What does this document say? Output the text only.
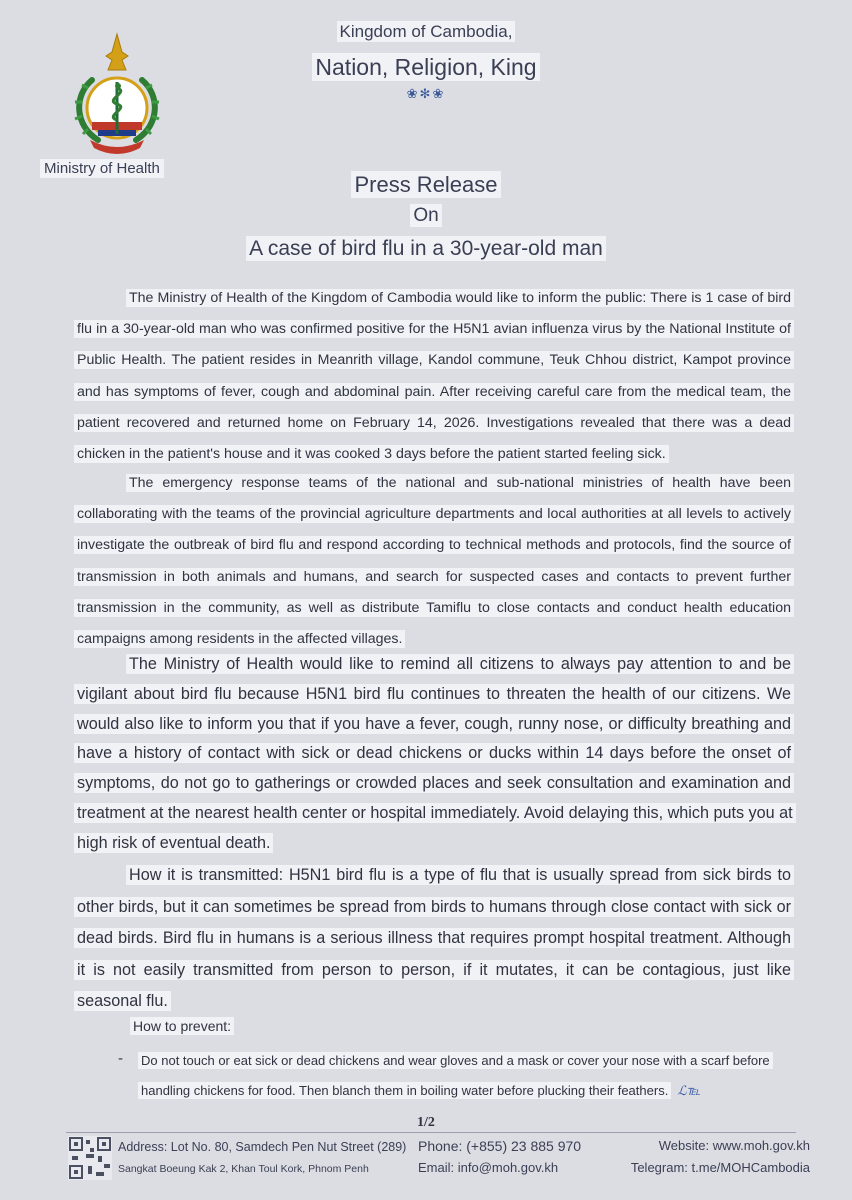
Ministry of Health
Kingdom of Cambodia,
Nation, Religion, King
❀✻❀
Press Release
On
A case of bird flu in a 30-year-old man
The Ministry of Health of the Kingdom of Cambodia would like to inform the public: There is 1 case of bird flu in a 30-year-old man who was confirmed positive for the H5N1 avian influenza virus by the National Institute of Public Health. The patient resides in Meanrith village, Kandol commune, Teuk Chhou district, Kampot province and has symptoms of fever, cough and abdominal pain. After receiving careful care from the medical team, the patient recovered and returned home on February 14, 2026. Investigations revealed that there was a dead chicken in the patient's house and it was cooked 3 days before the patient started feeling sick.
The emergency response teams of the national and sub-national ministries of health have been collaborating with the teams of the provincial agriculture departments and local authorities at all levels to actively investigate the outbreak of bird flu and respond according to technical methods and protocols, find the source of transmission in both animals and humans, and search for suspected cases and contacts to prevent further transmission in the community, as well as distribute Tamiflu to close contacts and conduct health education campaigns among residents in the affected villages.
The Ministry of Health would like to remind all citizens to always pay attention to and be vigilant about bird flu because H5N1 bird flu continues to threaten the health of our citizens. We would also like to inform you that if you have a fever, cough, runny nose, or difficulty breathing and have a history of contact with sick or dead chickens or ducks within 14 days before the onset of symptoms, do not go to gatherings or crowded places and seek consultation and examination and treatment at the nearest health center or hospital immediately. Avoid delaying this, which puts you at high risk of eventual death.
How it is transmitted: H5N1 bird flu is a type of flu that is usually spread from sick birds to other birds, but it can sometimes be spread from birds to humans through close contact with sick or dead birds. Bird flu in humans is a serious illness that requires prompt hospital treatment. Although it is not easily transmitted from person to person, if it mutates, it can be contagious, just like seasonal flu.
How to prevent:
- Do not touch or eat sick or dead chickens and wear gloves and a mask or cover your nose with a scarf before handling chickens for food. Then blanch them in boiling water before plucking their feathers. ℒ℡
1/2
Address: Lot No. 80, Samdech Pen Nut Street (289)
Sangkat Boeung Kak 2, Khan Toul Kork, Phnom Penh
Phone: (+855) 23 885 970
Email: info@moh.gov.kh
Website: www.moh.gov.kh
Telegram: t.me/MOHCambodia
